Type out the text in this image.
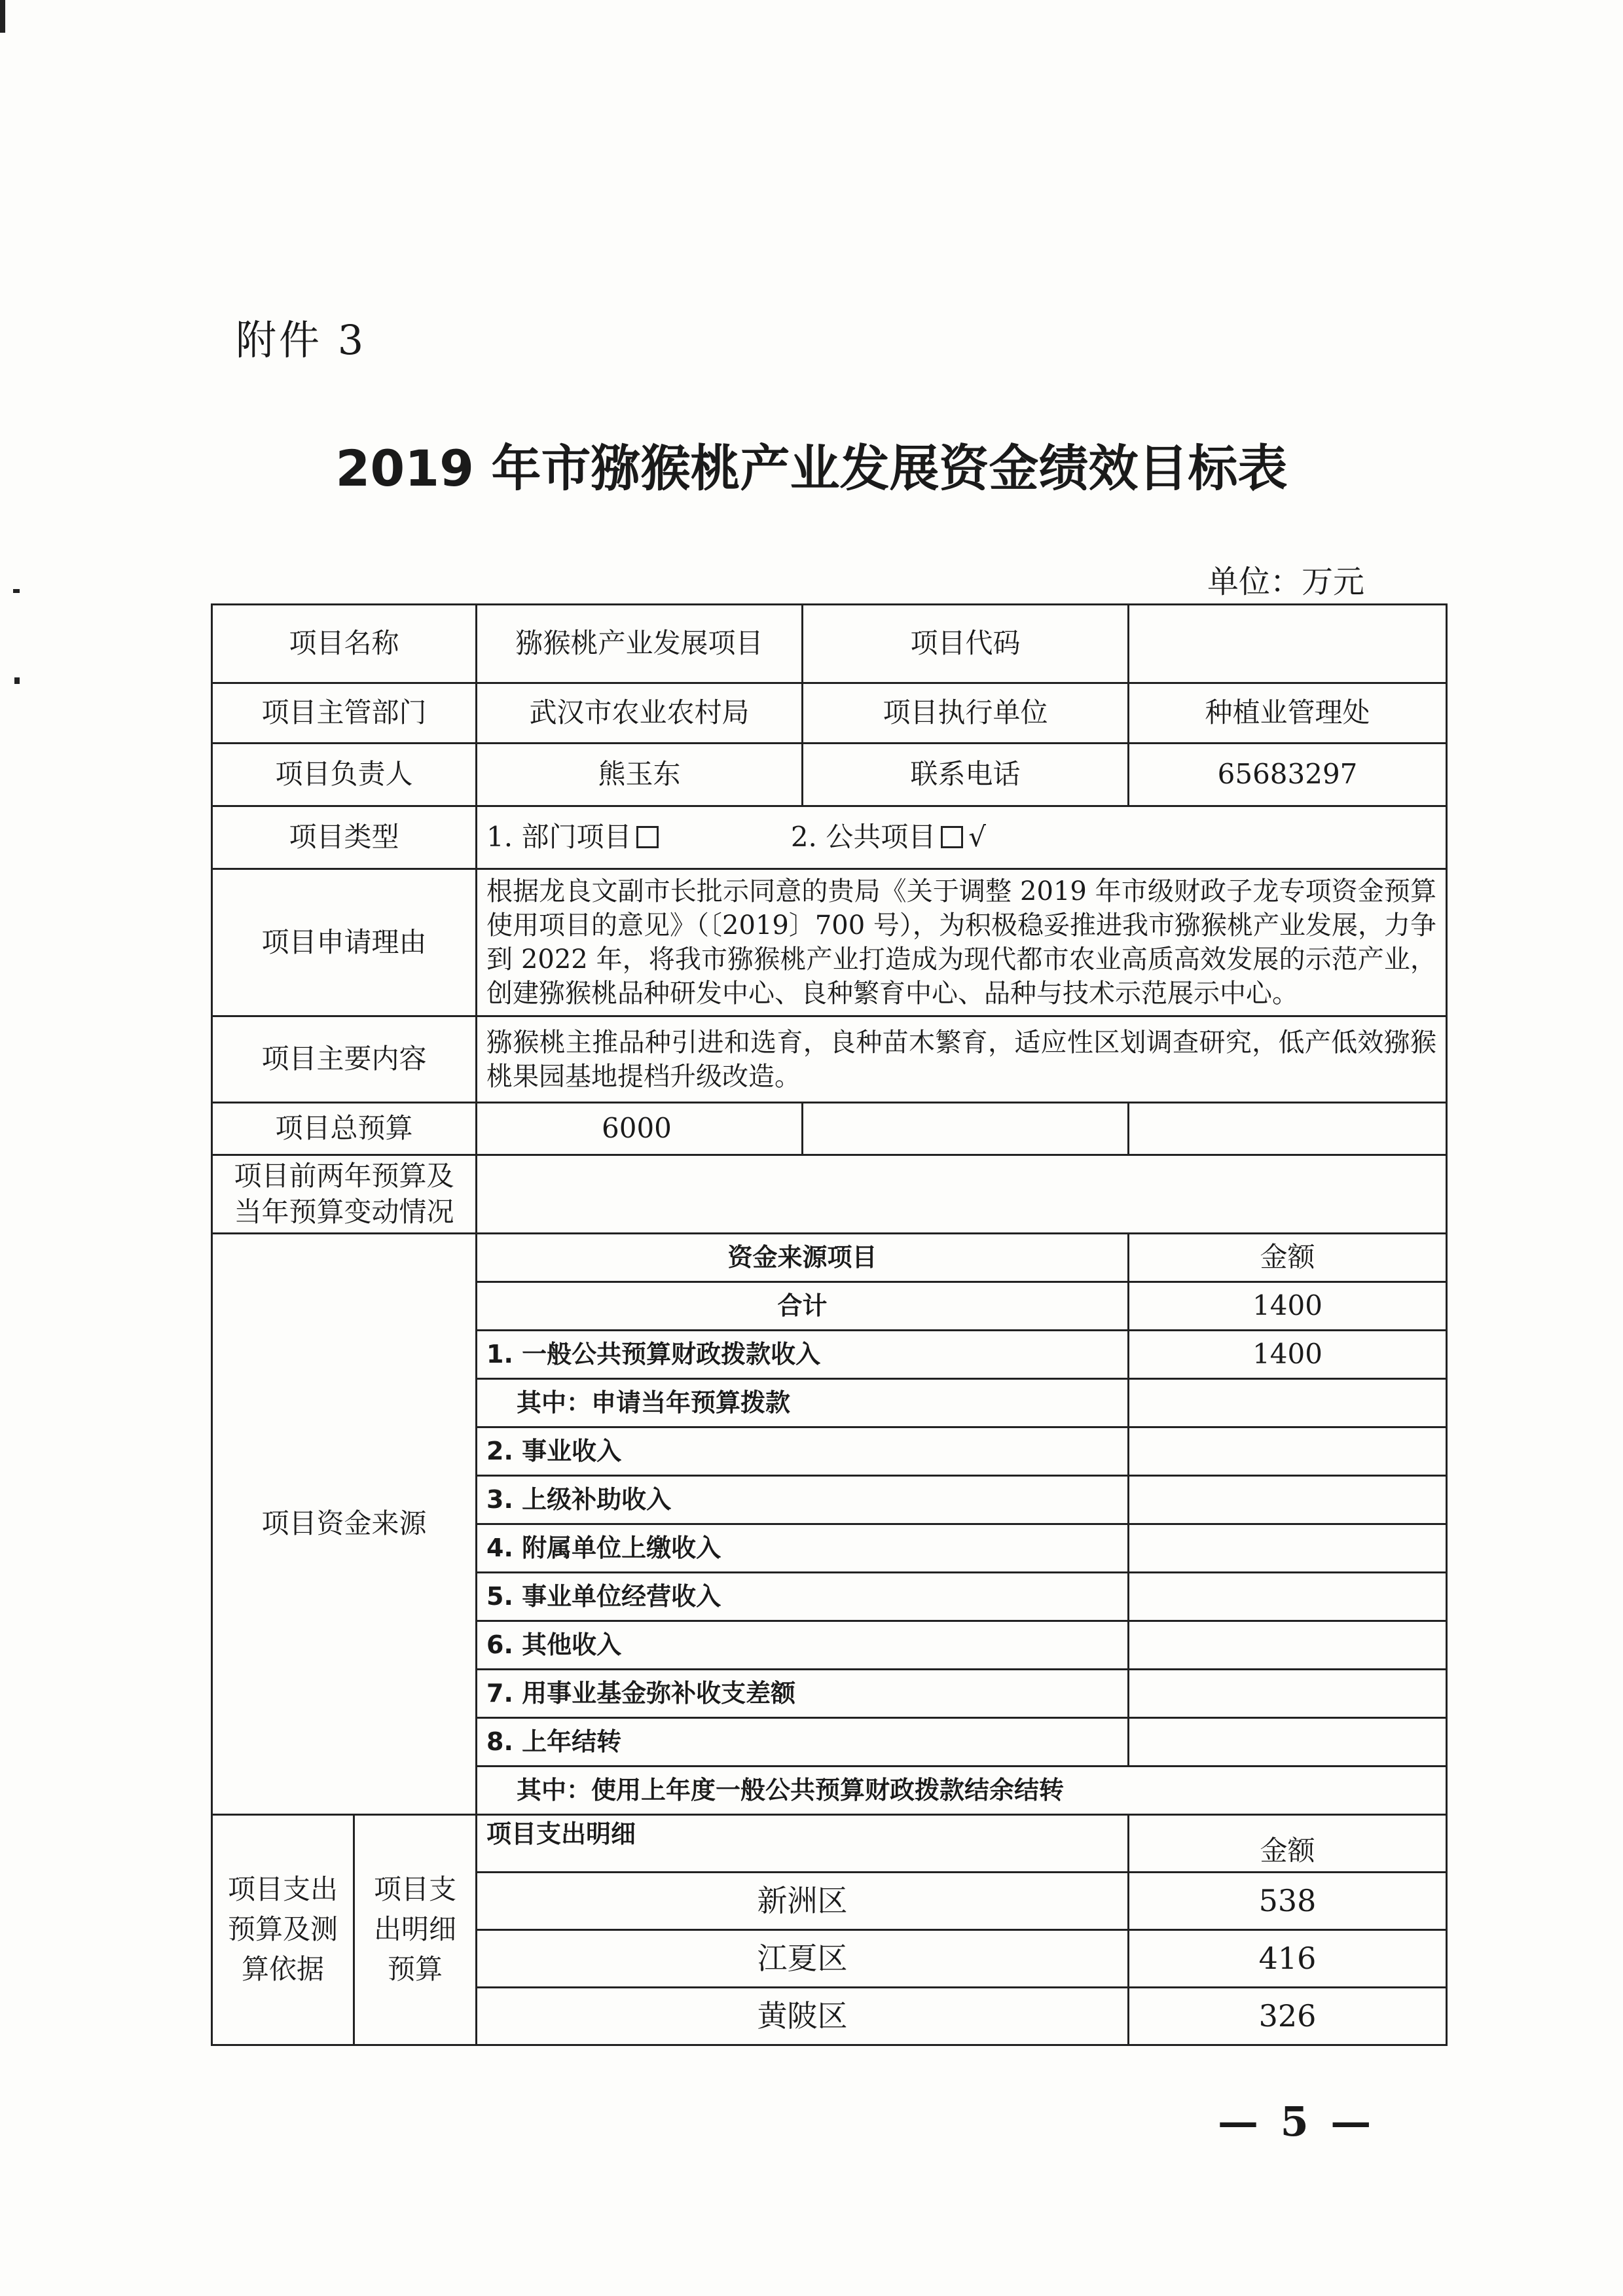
附件 3
2019 年市猕猴桃产业发展资金绩效目标表
单位：万元
项目名称		猕猴桃产业发展项目	项目代码	
项目主管部门		武汉市农业农村局	项目执行单位	种植业管理处
项目负责人		熊玉东	联系电话	65683297
项目类型		1. 部门项目 2. 公共项目 √		
项目申请理由		根据龙良文副市长批示同意的贵局《关于调整 2019 年市级财政子龙专项资金预算使用项目的意见》（〔2019〕700 号），为积极稳妥推进我市猕猴桃产业发展，力争到 2022 年，将我市猕猴桃产业打造成为现代都市农业高质高效发展的示范产业，创建猕猴桃品种研发中心、良种繁育中心、品种与技术示范展示中心。		
项目主要内容		猕猴桃主推品种引进和选育，良种苗木繁育，适应性区划调查研究，低产低效猕猴桃果园基地提档升级改造。		
项目总预算		6000		
项目前两年预算及当年预算变动情况				
项目资金来源		资金来源项目		金额
		合计		1400
		1. 一般公共预算财政拨款收入		1400
		其中：申请当年预算拨款		
		2. 事业收入		
		3. 上级补助收入		
		4. 附属单位上缴收入		
		5. 事业单位经营收入		
		6. 其他收入		
		7. 用事业基金弥补收支差额		
		8. 上年结转		
		其中：使用上年度一般公共预算财政拨款结余结转		
项目支出预算及测算依据	项目支出明细预算	项目支出明细		金额
		新洲区		538
		江夏区		416
		黄陂区		326
— 5 —
